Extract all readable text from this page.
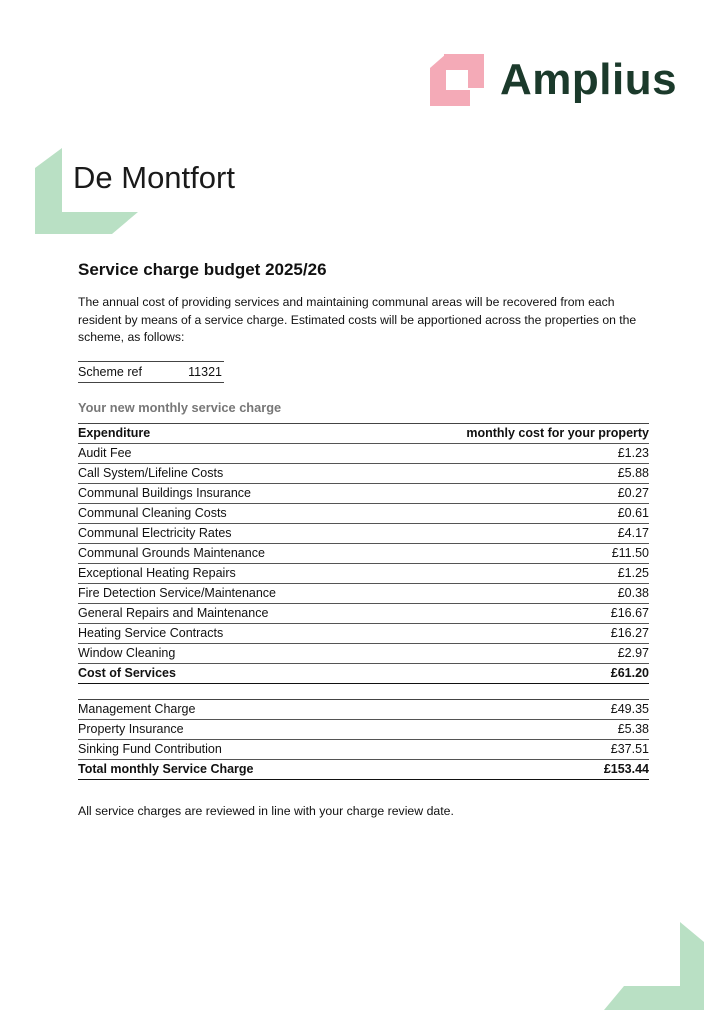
Amplius
De Montfort
Service charge budget 2025/26

The annual cost of providing services and maintaining communal areas will be recovered from each resident by means of a service charge. Estimated costs will be apportioned across the properties on the scheme, as follows:

Scheme ref	11321
Your new monthly service charge
Expenditure	monthly cost for your property
Audit Fee	£1.23
Call System/Lifeline Costs	£5.88
Communal Buildings Insurance	£0.27
Communal Cleaning Costs	£0.61
Communal Electricity Rates	£4.17
Communal Grounds Maintenance	£11.50
Exceptional Heating Repairs	£1.25
Fire Detection Service/Maintenance	£0.38
General Repairs and Maintenance	£16.67
Heating Service Contracts	£16.27
Window Cleaning	£2.97
Cost of Services	£61.20
Management Charge	£49.35
Property Insurance	£5.38
Sinking Fund Contribution	£37.51
Total monthly Service Charge	£153.44
All service charges are reviewed in line with your charge review date.
